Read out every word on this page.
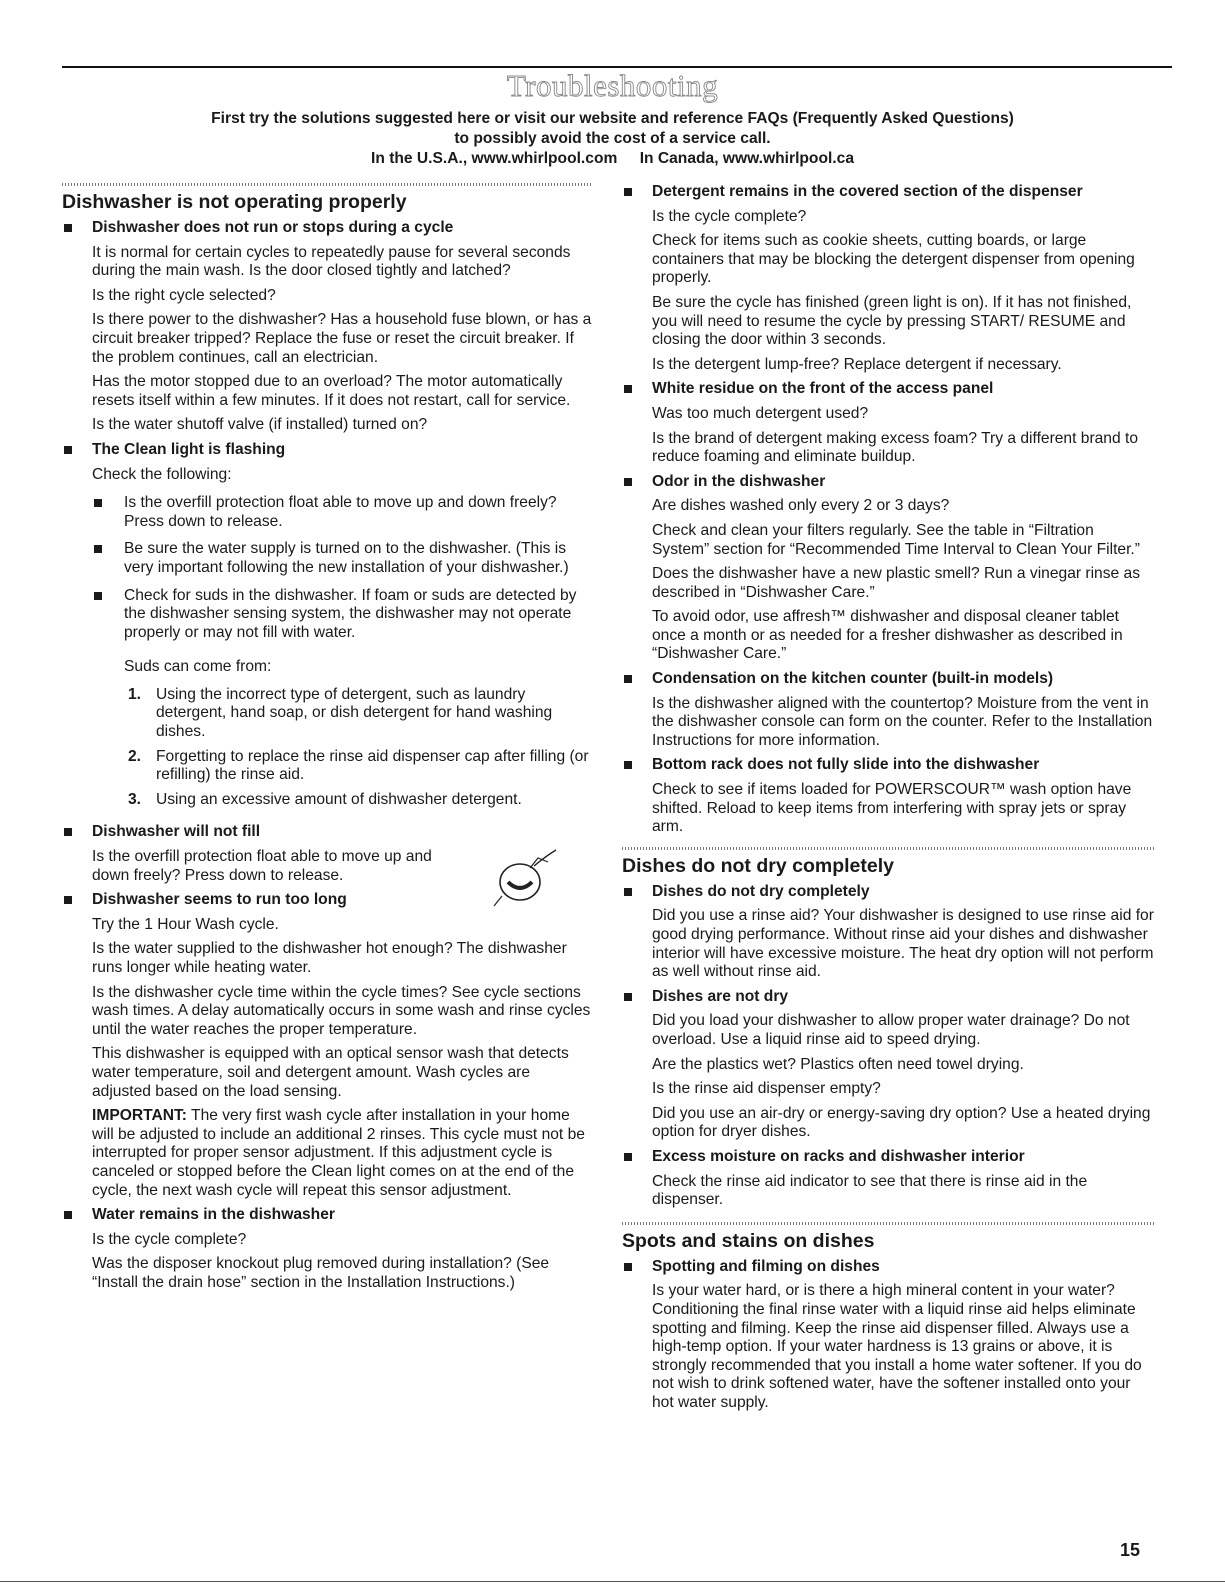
Troubleshooting
First try the solutions suggested here or visit our website and reference FAQs (Frequently Asked Questions)
to possibly avoid the cost of a service call.
In the U.S.A., www.whirlpool.com In Canada, www.whirlpool.ca
Dishwasher is not operating properly
Dishwasher does not run or stops during a cycle

It is normal for certain cycles to repeatedly pause for several seconds during the main wash. Is the door closed tightly and latched?

Is the right cycle selected?

Is there power to the dishwasher? Has a household fuse blown, or has a circuit breaker tripped? Replace the fuse or reset the circuit breaker. If the problem continues, call an electrician.

Has the motor stopped due to an overload? The motor automatically resets itself within a few minutes. If it does not restart, call for service.

Is the water shutoff valve (if installed) turned on?

The Clean light is flashing

Check the following:

Is the overfill protection float able to move up and down freely? Press down to release.
Be sure the water supply is turned on to the dishwasher. (This is very important following the new installation of your dishwasher.)
Check for suds in the dishwasher. If foam or suds are detected by the dishwasher sensing system, the dishwasher may not operate properly or may not fill with water.

Suds can come from:

1. Using the incorrect type of detergent, such as laundry detergent, hand soap, or dish detergent for hand washing dishes.
2. Forgetting to replace the rinse aid dispenser cap after filling (or refilling) the rinse aid.
3. Using an excessive amount of dishwasher detergent.
Dishwasher will not fill

Is the overfill protection float able to move up and down freely? Press down to release.

Dishwasher seems to run too long

Try the 1 Hour Wash cycle.

Is the water supplied to the dishwasher hot enough? The dishwasher runs longer while heating water.

Is the dishwasher cycle time within the cycle times? See cycle sections wash times. A delay automatically occurs in some wash and rinse cycles until the water reaches the proper temperature.

This dishwasher is equipped with an optical sensor wash that detects water temperature, soil and detergent amount. Wash cycles are adjusted based on the load sensing.

IMPORTANT: The very first wash cycle after installation in your home will be adjusted to include an additional 2 rinses. This cycle must not be interrupted for proper sensor adjustment. If this adjustment cycle is canceled or stopped before the Clean light comes on at the end of the cycle, the next wash cycle will repeat this sensor adjustment.

Water remains in the dishwasher

Is the cycle complete?

Was the disposer knockout plug removed during installation? (See “Install the drain hose” section in the Installation Instructions.)

Detergent remains in the covered section of the dispenser

Is the cycle complete?

Check for items such as cookie sheets, cutting boards, or large containers that may be blocking the detergent dispenser from opening properly.

Be sure the cycle has finished (green light is on). If it has not finished, you will need to resume the cycle by pressing START/ RESUME and closing the door within 3 seconds.

Is the detergent lump-free? Replace detergent if necessary.

White residue on the front of the access panel

Was too much detergent used?

Is the brand of detergent making excess foam? Try a different brand to reduce foaming and eliminate buildup.

Odor in the dishwasher

Are dishes washed only every 2 or 3 days?

Check and clean your filters regularly. See the table in “Filtration System” section for “Recommended Time Interval to Clean Your Filter.”

Does the dishwasher have a new plastic smell? Run a vinegar rinse as described in “Dishwasher Care.”

To avoid odor, use affresh™ dishwasher and disposal cleaner tablet once a month or as needed for a fresher dishwasher as described in “Dishwasher Care.”

Condensation on the kitchen counter (built-in models)

Is the dishwasher aligned with the countertop? Moisture from the vent in the dishwasher console can form on the counter. Refer to the Installation Instructions for more information.

Bottom rack does not fully slide into the dishwasher

Check to see if items loaded for POWERSCOUR™ wash option have shifted. Reload to keep items from interfering with spray jets or spray arm.

Dishes do not dry completely
Dishes do not dry completely

Did you use a rinse aid? Your dishwasher is designed to use rinse aid for good drying performance. Without rinse aid your dishes and dishwasher interior will have excessive moisture. The heat dry option will not perform as well without rinse aid.

Dishes are not dry

Did you load your dishwasher to allow proper water drainage? Do not overload. Use a liquid rinse aid to speed drying.

Are the plastics wet? Plastics often need towel drying.

Is the rinse aid dispenser empty?

Did you use an air-dry or energy-saving dry option? Use a heated drying option for dryer dishes.

Excess moisture on racks and dishwasher interior

Check the rinse aid indicator to see that there is rinse aid in the dispenser.

Spots and stains on dishes
Spotting and filming on dishes

Is your water hard, or is there a high mineral content in your water? Conditioning the final rinse water with a liquid rinse aid helps eliminate spotting and filming. Keep the rinse aid dispenser filled. Always use a high-temp option. If your water hardness is 13 grains or above, it is strongly recommended that you install a home water softener. If you do not wish to drink softened water, have the softener installed onto your hot water supply.

15
